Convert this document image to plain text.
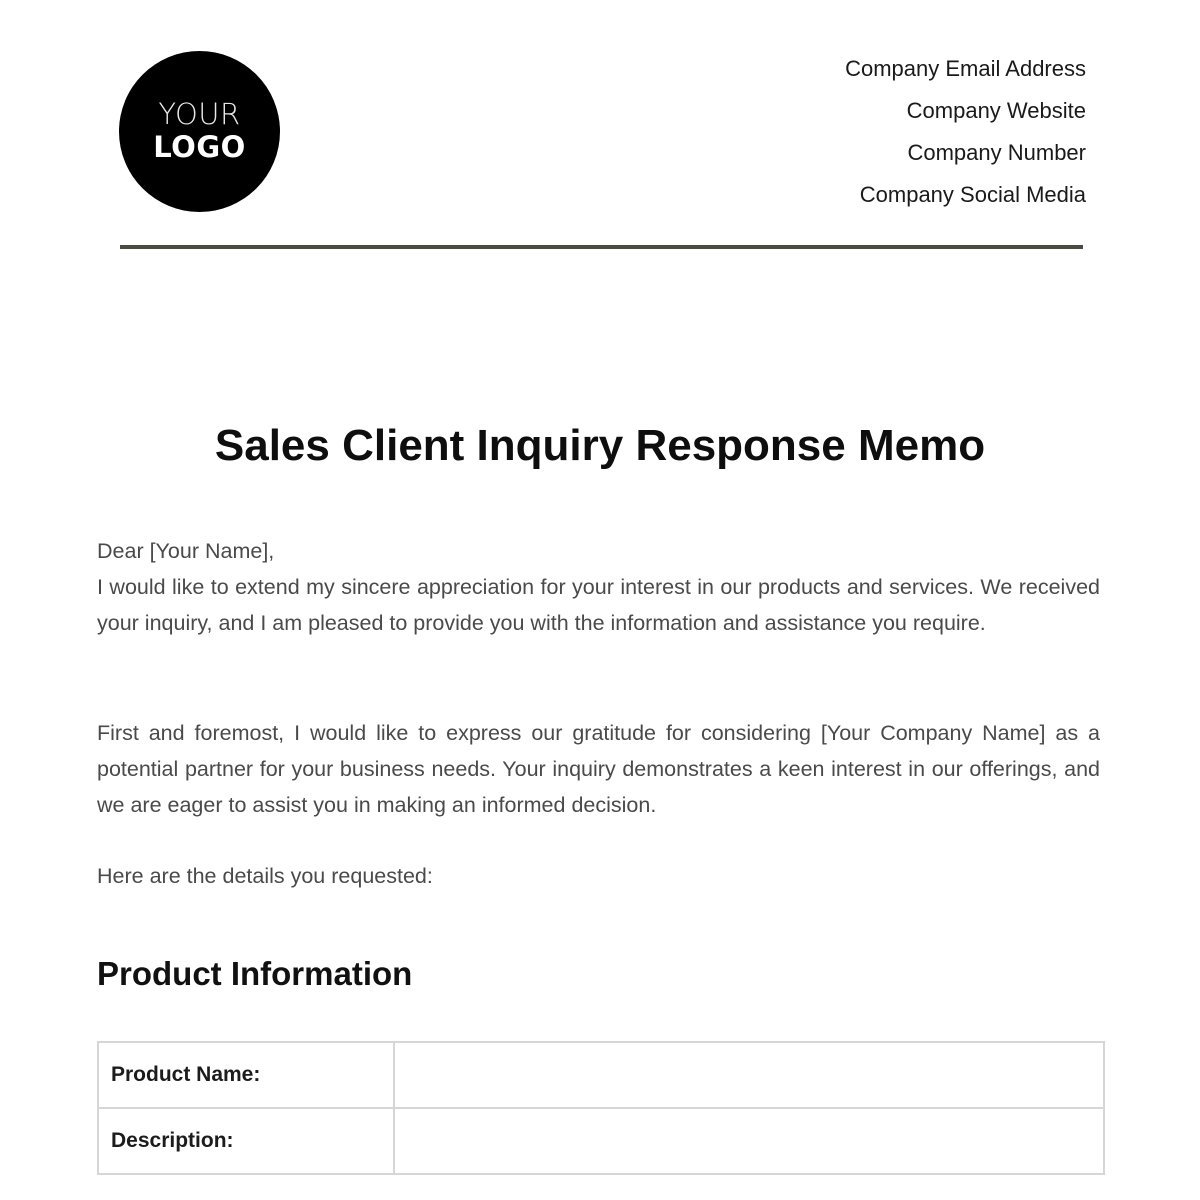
YOUR
LOGO
Company Email Address
Company Website
Company Number
Company Social Media
Sales Client Inquiry Response Memo
Dear [Your Name],
I would like to extend my sincere appreciation for your interest in our products and services. We received your inquiry, and I am pleased to provide you with the information and assistance you require.
First and foremost, I would like to express our gratitude for considering [Your Company Name] as a potential partner for your business needs. Your inquiry demonstrates a keen interest in our offerings, and we are eager to assist you in making an informed decision.
Here are the details you requested:
Product Information
Product Name:	
Description:	
